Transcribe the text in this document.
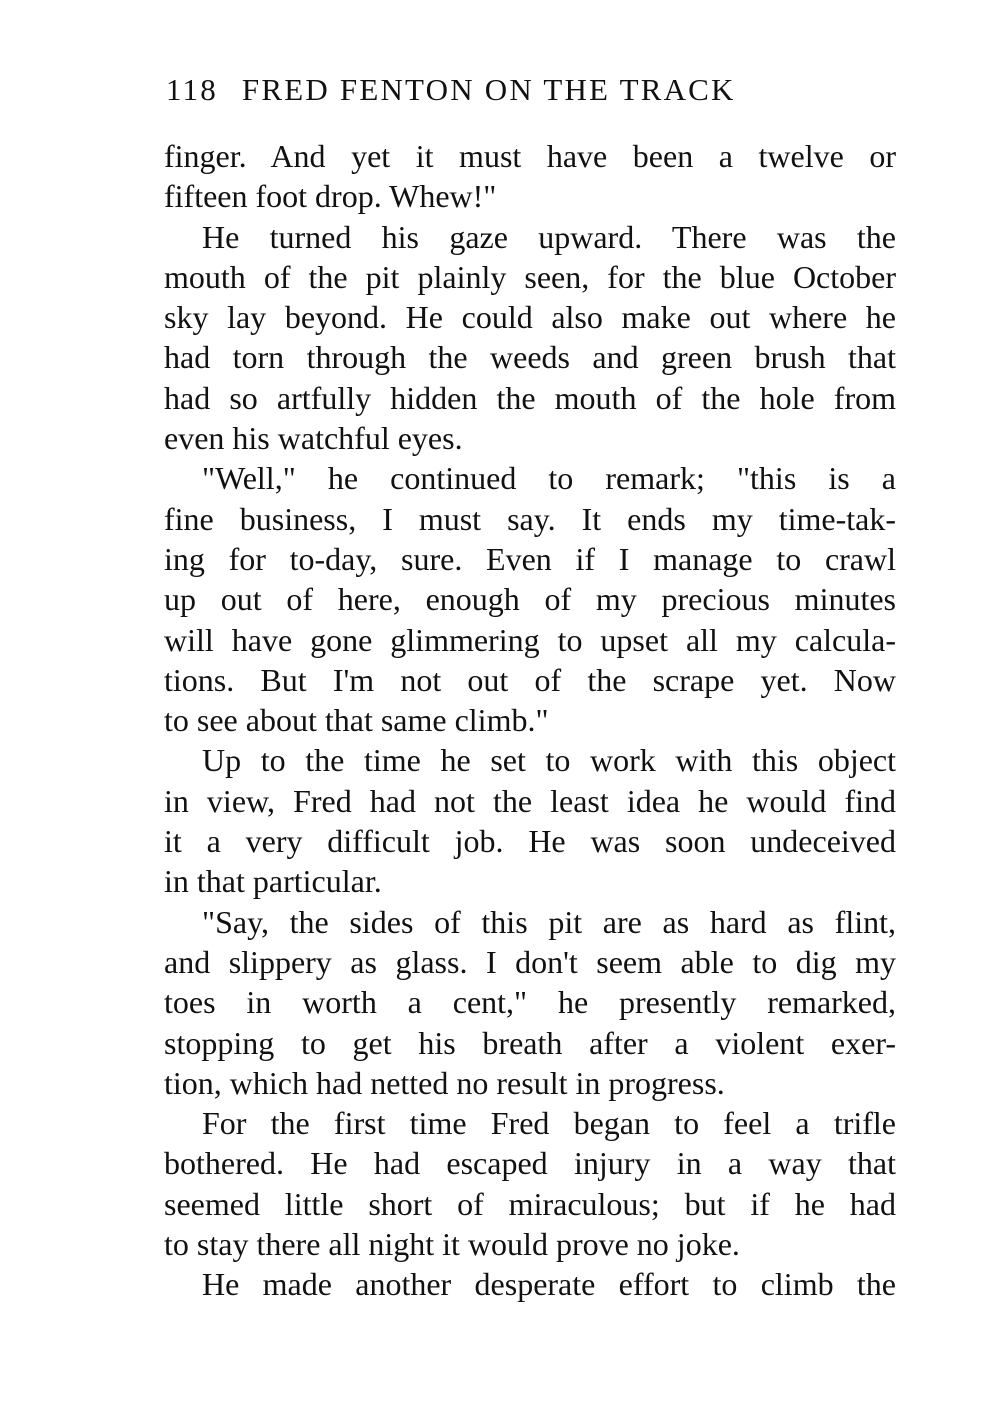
118 FRED FENTON ON THE TRACK
finger. And yet it must have been a twelve or
fifteen foot drop. Whew!"
He turned his gaze upward. There was the
mouth of the pit plainly seen, for the blue October
sky lay beyond. He could also make out where he
had torn through the weeds and green brush that
had so artfully hidden the mouth of the hole from
even his watchful eyes.
"Well," he continued to remark; "this is a
fine business, I must say. It ends my time-tak-
ing for to-day, sure. Even if I manage to crawl
up out of here, enough of my precious minutes
will have gone glimmering to upset all my calcula-
tions. But I'm not out of the scrape yet. Now
to see about that same climb."
Up to the time he set to work with this object
in view, Fred had not the least idea he would find
it a very difficult job. He was soon undeceived
in that particular.
"Say, the sides of this pit are as hard as flint,
and slippery as glass. I don't seem able to dig my
toes in worth a cent," he presently remarked,
stopping to get his breath after a violent exer-
tion, which had netted no result in progress.
For the first time Fred began to feel a trifle
bothered. He had escaped injury in a way that
seemed little short of miraculous; but if he had
to stay there all night it would prove no joke.
He made another desperate effort to climb the
